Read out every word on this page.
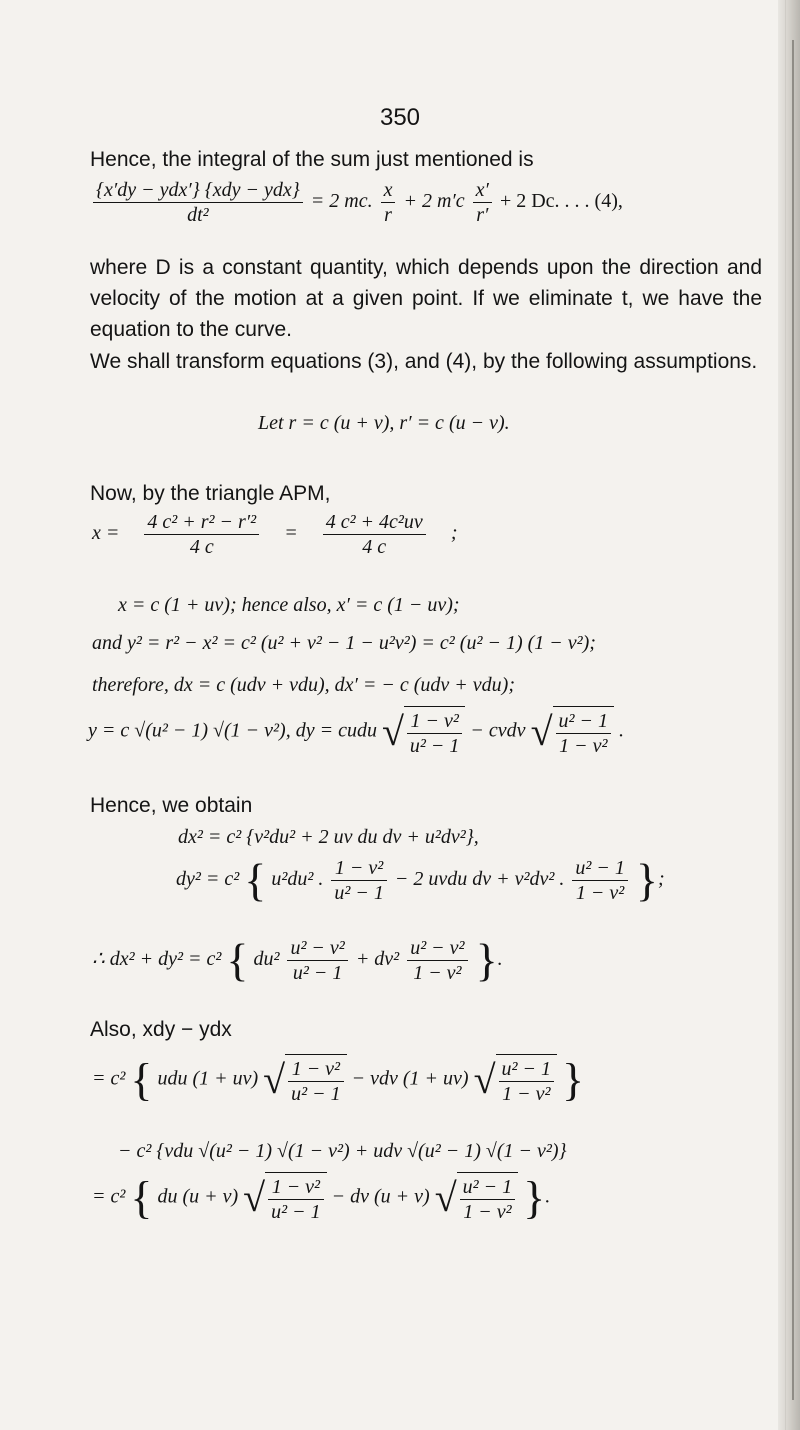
350
Hence, the integral of the sum just mentioned is
$\frac{\text{\{x′dy − ydx′\} \{xdy − ydx\}}}{\text{dt²}} = 2$ mc. $\frac{x}{r} + 2$ $m'c \frac{x'}{r'} + 2$ Dc. . . . (4),
where D is a constant quantity, which depends upon the direction and velocity of the motion at a given point. If we eliminate t, we have the equation to the curve.
We shall transform equations (3), and (4), by the following assumptions.
Let r = c (u + v), r′ = c (u − v).
Now, by the triangle APM,
$x = \frac{\text{4 c² + r² − r′²}}{4 c} = \frac{\text{4 c² + 4c²uv}}{4 c}$ ;
x = c (1 + uv); hence also, x′ = c (1 − uv);
and y² = r² − x² = c² (u² + v² − 1 − u²v²) = c² (u² − 1) (1 − v²);
therefore, dx = c (udv + vdu), dx′ = − c (udv + vdu);
y = c √(u² − 1) √(1 − v²), dy = cudu √ $\frac{\text{1 − v²}}{\text{u² − 1}}$ − cvdv √ $\frac{\text{u² − 1}}{\text{1 − v²}}$ .
Hence, we obtain
dx² = c² {v²du² + 2 uv du dv + u²dv²},
dy² = c² { u²du² . $\frac{\text{1 − v²}}{\text{u² − 1}} - 2$ uvdu dv + v²dv² . $\frac{\text{u² − 1}}{\text{1 − v²}}$ };
∴ dx² + dy² = c² { $du^2 \frac{\text{u² − v²}}{\text{u² − 1}} + dv^2 \frac{\text{u² − v²}}{\text{1 − v²}}$ }.
Also, xdy − ydx
= c² { udu (1 + uv) √ $\frac{\text{1 − v²}}{\text{u² − 1}}$ − vdv (1 + uv) √ $\frac{\text{u² − 1}}{\text{1 − v²}}$ }
− c² {vdu √(u² − 1) √(1 − v²) + udv √(u² − 1) √(1 − v²)}
= c² { du (u + v) √ $\frac{\text{1 − v²}}{\text{u² − 1}}$ − dv (u + v) √ $\frac{\text{u² − 1}}{\text{1 − v²}}$ }.
